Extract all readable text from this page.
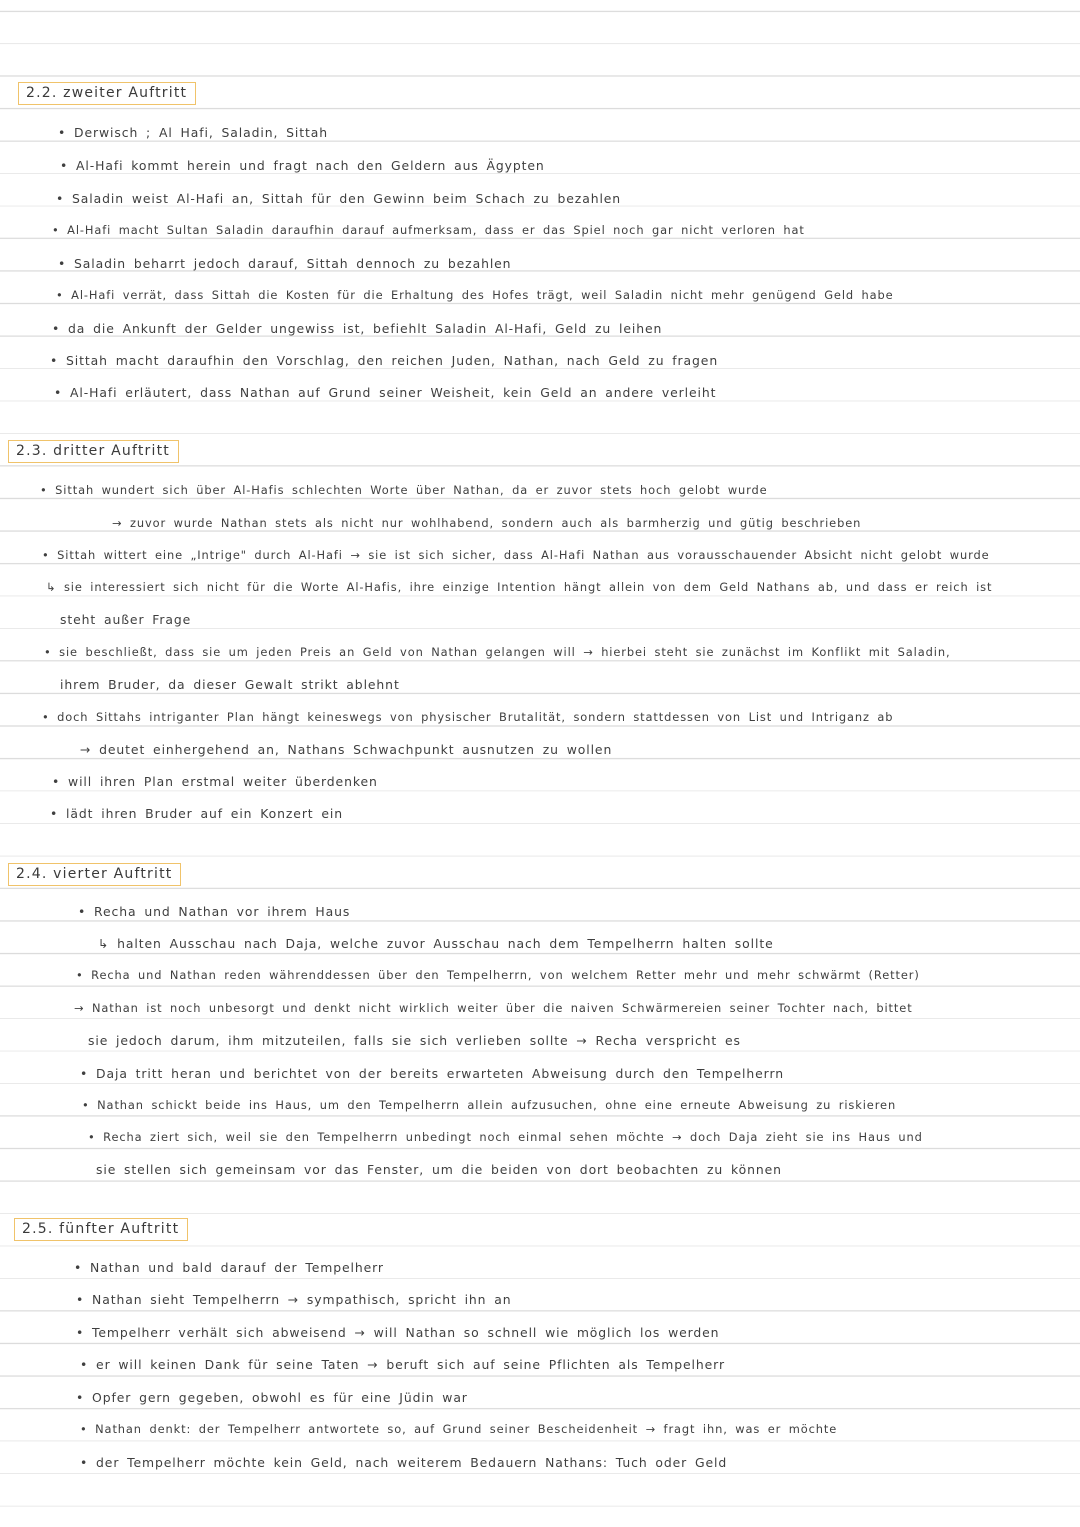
2.2. zweiter Auftritt
• Derwisch ; Al Hafi, Saladin, Sittah
• Al-Hafi kommt herein und fragt nach den Geldern aus Ägypten
• Saladin weist Al-Hafi an, Sittah für den Gewinn beim Schach zu bezahlen
• Al-Hafi macht Sultan Saladin daraufhin darauf aufmerksam, dass er das Spiel noch gar nicht verloren hat
• Saladin beharrt jedoch darauf, Sittah dennoch zu bezahlen
• Al-Hafi verrät, dass Sittah die Kosten für die Erhaltung des Hofes trägt, weil Saladin nicht mehr genügend Geld habe
• da die Ankunft der Gelder ungewiss ist, befiehlt Saladin Al-Hafi, Geld zu leihen
• Sittah macht daraufhin den Vorschlag, den reichen Juden, Nathan, nach Geld zu fragen
• Al-Hafi erläutert, dass Nathan auf Grund seiner Weisheit, kein Geld an andere verleiht
2.3. dritter Auftritt
• Sittah wundert sich über Al-Hafis schlechten Worte über Nathan, da er zuvor stets hoch gelobt wurde
→ zuvor wurde Nathan stets als nicht nur wohlhabend, sondern auch als barmherzig und gütig beschrieben
• Sittah wittert eine „Intrige" durch Al-Hafi → sie ist sich sicher, dass Al-Hafi Nathan aus vorausschauender Absicht nicht gelobt wurde
↳ sie interessiert sich nicht für die Worte Al-Hafis, ihre einzige Intention hängt allein von dem Geld Nathans ab, und dass er reich ist
steht außer Frage
• sie beschließt, dass sie um jeden Preis an Geld von Nathan gelangen will → hierbei steht sie zunächst im Konflikt mit Saladin,
ihrem Bruder, da dieser Gewalt strikt ablehnt
• doch Sittahs intriganter Plan hängt keineswegs von physischer Brutalität, sondern stattdessen von List und Intriganz ab
→ deutet einhergehend an, Nathans Schwachpunkt ausnutzen zu wollen
• will ihren Plan erstmal weiter überdenken
• lädt ihren Bruder auf ein Konzert ein
2.4. vierter Auftritt
• Recha und Nathan vor ihrem Haus
↳ halten Ausschau nach Daja, welche zuvor Ausschau nach dem Tempelherrn halten sollte
• Recha und Nathan reden währenddessen über den Tempelherrn, von welchem Retter mehr und mehr schwärmt (Retter)
→ Nathan ist noch unbesorgt und denkt nicht wirklich weiter über die naiven Schwärmereien seiner Tochter nach, bittet
sie jedoch darum, ihm mitzuteilen, falls sie sich verlieben sollte → Recha verspricht es
• Daja tritt heran und berichtet von der bereits erwarteten Abweisung durch den Tempelherrn
• Nathan schickt beide ins Haus, um den Tempelherrn allein aufzusuchen, ohne eine erneute Abweisung zu riskieren
• Recha ziert sich, weil sie den Tempelherrn unbedingt noch einmal sehen möchte → doch Daja zieht sie ins Haus und
sie stellen sich gemeinsam vor das Fenster, um die beiden von dort beobachten zu können
2.5. fünfter Auftritt
• Nathan und bald darauf der Tempelherr
• Nathan sieht Tempelherrn → sympathisch, spricht ihn an
• Tempelherr verhält sich abweisend → will Nathan so schnell wie möglich los werden
• er will keinen Dank für seine Taten → beruft sich auf seine Pflichten als Tempelherr
• Opfer gern gegeben, obwohl es für eine Jüdin war
• Nathan denkt: der Tempelherr antwortete so, auf Grund seiner Bescheidenheit → fragt ihn, was er möchte
• der Tempelherr möchte kein Geld, nach weiterem Bedauern Nathans: Tuch oder Geld
